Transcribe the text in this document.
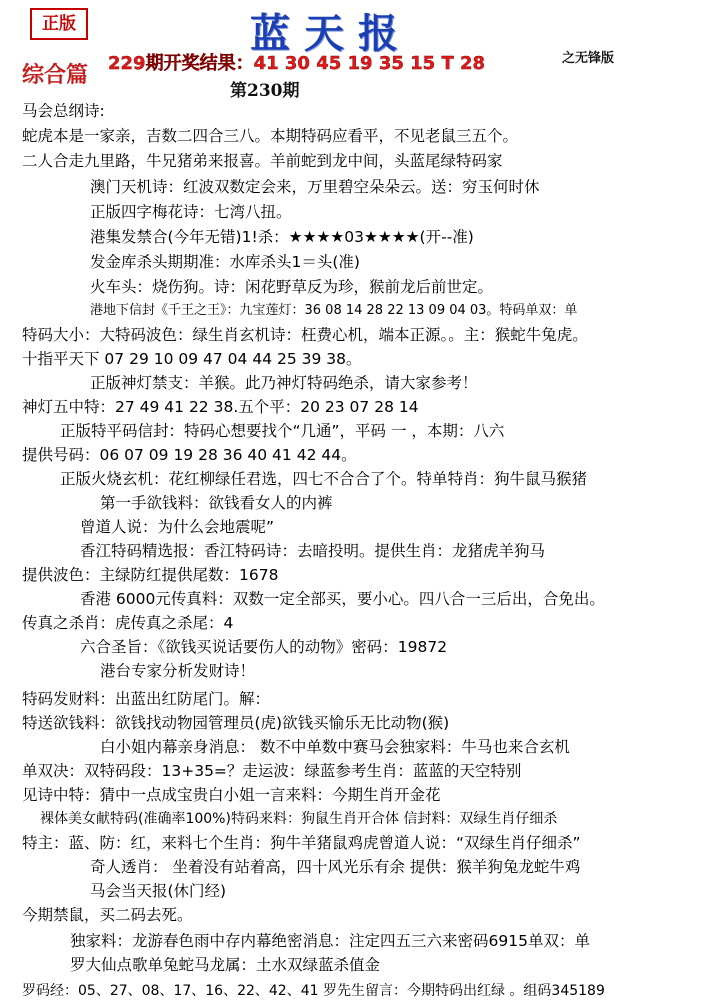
正版	蓝天报
综合篇 229期开奖结果：41 30 45 19 35 15 T 28	之无锋版
第230期
马会总纲诗:
蛇虎本是一家亲，吉数二四合三八。本期特码应看平，不见老鼠三五个。
二人合走九里路，牛兄猪弟来报喜。羊前蛇到龙中间，头蓝尾绿特码家
澳门天机诗：红波双数定会来，万里碧空朵朵云。送：穷玉何时休
正版四字梅花诗：七湾八扭。
港集发禁合(今年无错)1!杀：★★★★03★★★★(开--准)
发金库杀头期期准：水库杀头1＝头(准)
火车头：烧伤狗。诗：闲花野草反为珍，猴前龙后前世定。
港地下信封《千王之王》：九宝莲灯：36 08 14 28 22 13 09 04 03。特码单双：单
特码大小：大特码波色：绿生肖玄机诗：枉费心机，端本正源。。主：猴蛇牛兔虎。
十指平天下 07 29 10 09 47 04 44 25 39 38。
正版神灯禁支：羊猴。此乃神灯特码绝杀，请大家参考！
神灯五中特：27 49 41 22 38.五个平：20 23 07 28 14
正版特平码信封：特码心想要找个“几通”，平码 一 ，本期：八六
提供号码：06 07 09 19 28 36 40 41 42 44。
正版火烧玄机：花红柳绿任君选，四七不合合了个。特单特肖：狗牛鼠马猴猪
第一手欲钱料：欲钱看女人的内裤
曾道人说：为什么会地震呢”
香江特码精选报：香江特码诗：去暗投明。提供生肖：龙猪虎羊狗马
提供波色：主绿防红提供尾数：1678
香港 6000元传真料：双数一定全部买，要小心。四八合一三后出，合免出。
传真之杀肖：虎传真之杀尾：4
六合圣旨：《欲钱买说话要伤人的动物》密码：19872
港台专家分析发财诗！
特码发财料：出蓝出红防尾门。解：
特送欲钱料：欲钱找动物园管理员(虎)欲钱买愉乐无比动物(猴)
白小姐内幕亲身消息： 数不中单数中赛马会独家料：牛马也来合玄机
单双决：双特码段：13+35=？走运波：绿蓝参考生肖：蓝蓝的天空特别
见诗中特：猜中一点成宝贵白小姐一言来料：今期生肖开金花
裸体美女献特码(准确率100%)特码来料：狗鼠生肖开合体 信封料：双绿生肖仔细杀
特主：蓝、防：红，来料七个生肖：狗牛羊猪鼠鸡虎曾道人说：“双绿生肖仔细杀”
奇人透肖： 坐着没有站着高，四十风光乐有余 提供：猴羊狗兔龙蛇牛鸡
马会当天报(休门经)
今期禁鼠，买二码去死。
独家料：龙游春色雨中存内幕绝密消息：注定四五三六来密码6915单双：单
罗大仙点歌单兔蛇马龙属：土水双绿蓝杀值金
罗码经：05、27、08、17、16、22、42、41 罗先生留言：今期特码出红绿 。组码345189
